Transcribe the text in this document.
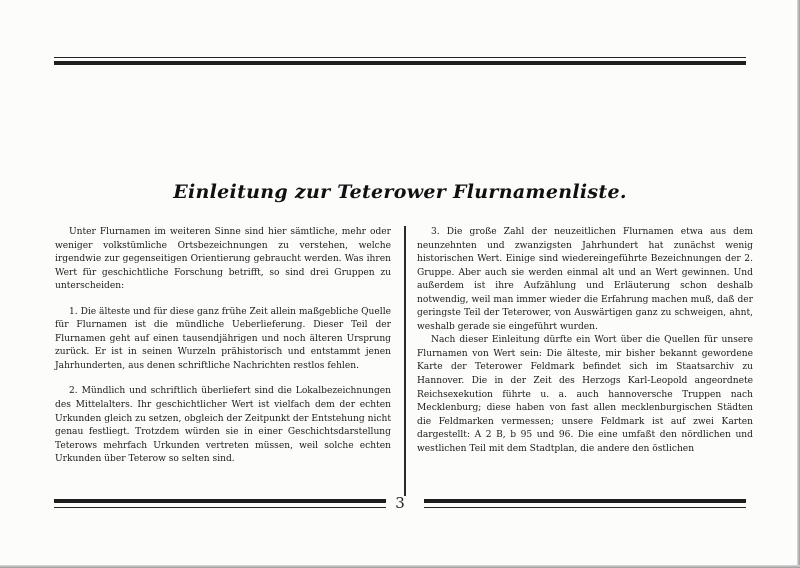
Einleitung zur Teterower Flurnamenliste.

Unter Flurnamen im weiteren Sinne sind hier sämtliche, mehr oder weniger volkstümliche Ortsbezeichnungen zu verstehen, welche irgendwie zur gegenseitigen Orientierung gebraucht werden. Was ihren Wert für geschichtliche Forschung betrifft, so sind drei Gruppen zu unterscheiden:

1. Die älteste und für diese ganz frühe Zeit allein maßgebliche Quelle für Flurnamen ist die mündliche Ueberlieferung. Dieser Teil der Flurnamen geht auf einen tausendjährigen und noch älteren Ursprung zurück. Er ist in seinen Wurzeln prähistorisch und entstammt jenen Jahrhunderten, aus denen schriftliche Nachrichten restlos fehlen.

2. Mündlich und schriftlich überliefert sind die Lokalbezeichnungen des Mittelalters. Ihr geschichtlicher Wert ist vielfach dem der echten Urkunden gleich zu setzen, obgleich der Zeitpunkt der Entstehung nicht genau festliegt. Trotzdem würden sie in einer Geschichtsdarstellung Teterows mehrfach Urkunden vertreten müssen, weil solche echten Urkunden über Teterow so selten sind.

3. Die große Zahl der neuzeitlichen Flurnamen etwa aus dem neunzehnten und zwanzigsten Jahrhundert hat zunächst wenig historischen Wert. Einige sind wiedereingeführte Bezeichnungen der 2. Gruppe. Aber auch sie werden einmal alt und an Wert gewinnen. Und außerdem ist ihre Aufzählung und Erläuterung schon deshalb notwendig, weil man immer wieder die Erfahrung machen muß, daß der geringste Teil der Teterower, von Auswärtigen ganz zu schweigen, ahnt, weshalb gerade sie eingeführt wurden.

Nach dieser Einleitung dürfte ein Wort über die Quellen für unsere Flurnamen von Wert sein: Die älteste, mir bisher bekannt gewordene Karte der Teterower Feldmark befindet sich im Staatsarchiv zu Hannover. Die in der Zeit des Herzogs Karl-Leopold angeordnete Reichsexekution führte u. a. auch hannoversche Truppen nach Mecklenburg; diese haben von fast allen mecklenburgischen Städten die Feldmarken vermessen; unsere Feldmark ist auf zwei Karten dargestellt: A 2 B, b 95 und 96. Die eine umfaßt den nördlichen und westlichen Teil mit dem Stadtplan, die andere den östlichen

3
